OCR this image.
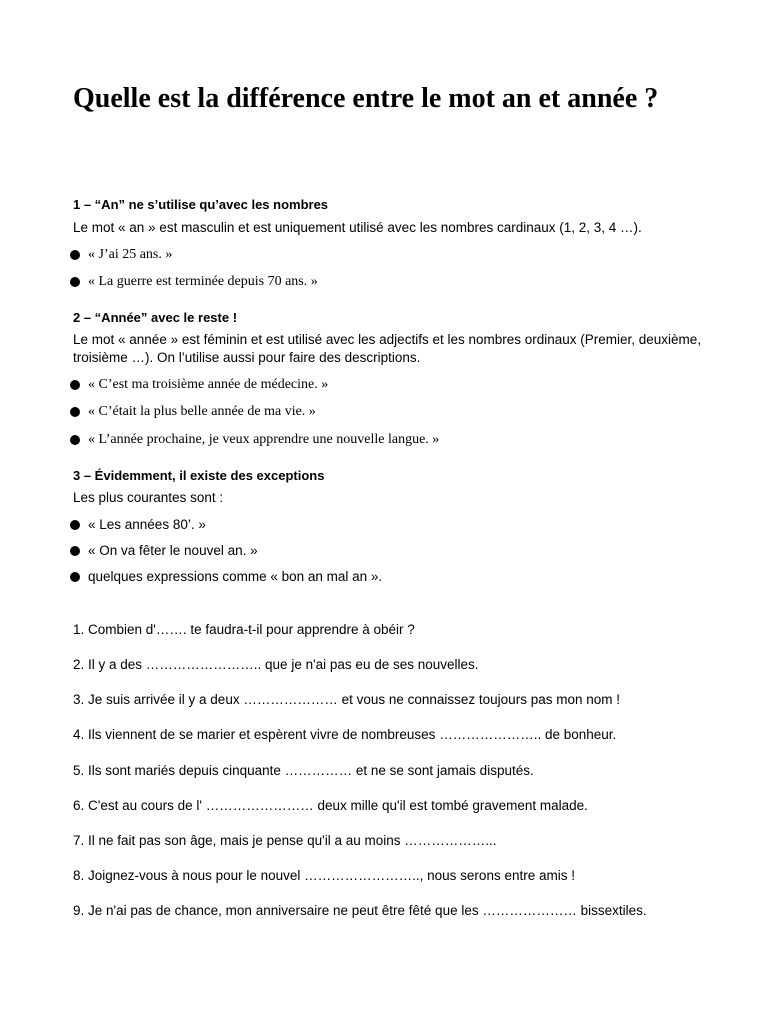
Quelle est la différence entre le mot an et année ?

1 – “An” ne s’utilise qu’avec les nombres

Le mot « an » est masculin et est uniquement utilisé avec les nombres cardinaux (1, 2, 3, 4 …).

« J’ai 25 ans. »
« La guerre est terminée depuis 70 ans. »

2 – “Année” avec le reste !

Le mot « année » est féminin et est utilisé avec les adjectifs et les nombres ordinaux (Premier, deuxième, troisième …). On l’utilise aussi pour faire des descriptions.

« C’est ma troisième année de médecine. »
« C’était la plus belle année de ma vie. »
« L’année prochaine, je veux apprendre une nouvelle langue. »

3 – Évidemment, il existe des exceptions

Les plus courantes sont :

« Les années 80’. »
« On va fêter le nouvel an. »
quelques expressions comme « bon an mal an ».

1. Combien d'……. te faudra-t-il pour apprendre à obéir ?

2. Il y a des …………………….. que je n'ai pas eu de ses nouvelles.

3. Je suis arrivée il y a deux ………………… et vous ne connaissez toujours pas mon nom !

4. Ils viennent de se marier et espèrent vivre de nombreuses ………………….. de bonheur.

5. Ils sont mariés depuis cinquante …………… et ne se sont jamais disputés.

6. C'est au cours de l' …………………… deux mille qu'il est tombé gravement malade.

7. Il ne fait pas son âge, mais je pense qu'il a au moins ………………...

8. Joignez-vous à nous pour le nouvel …………………….., nous serons entre amis !

9. Je n'ai pas de chance, mon anniversaire ne peut être fêté que les ………………… bissextiles.
